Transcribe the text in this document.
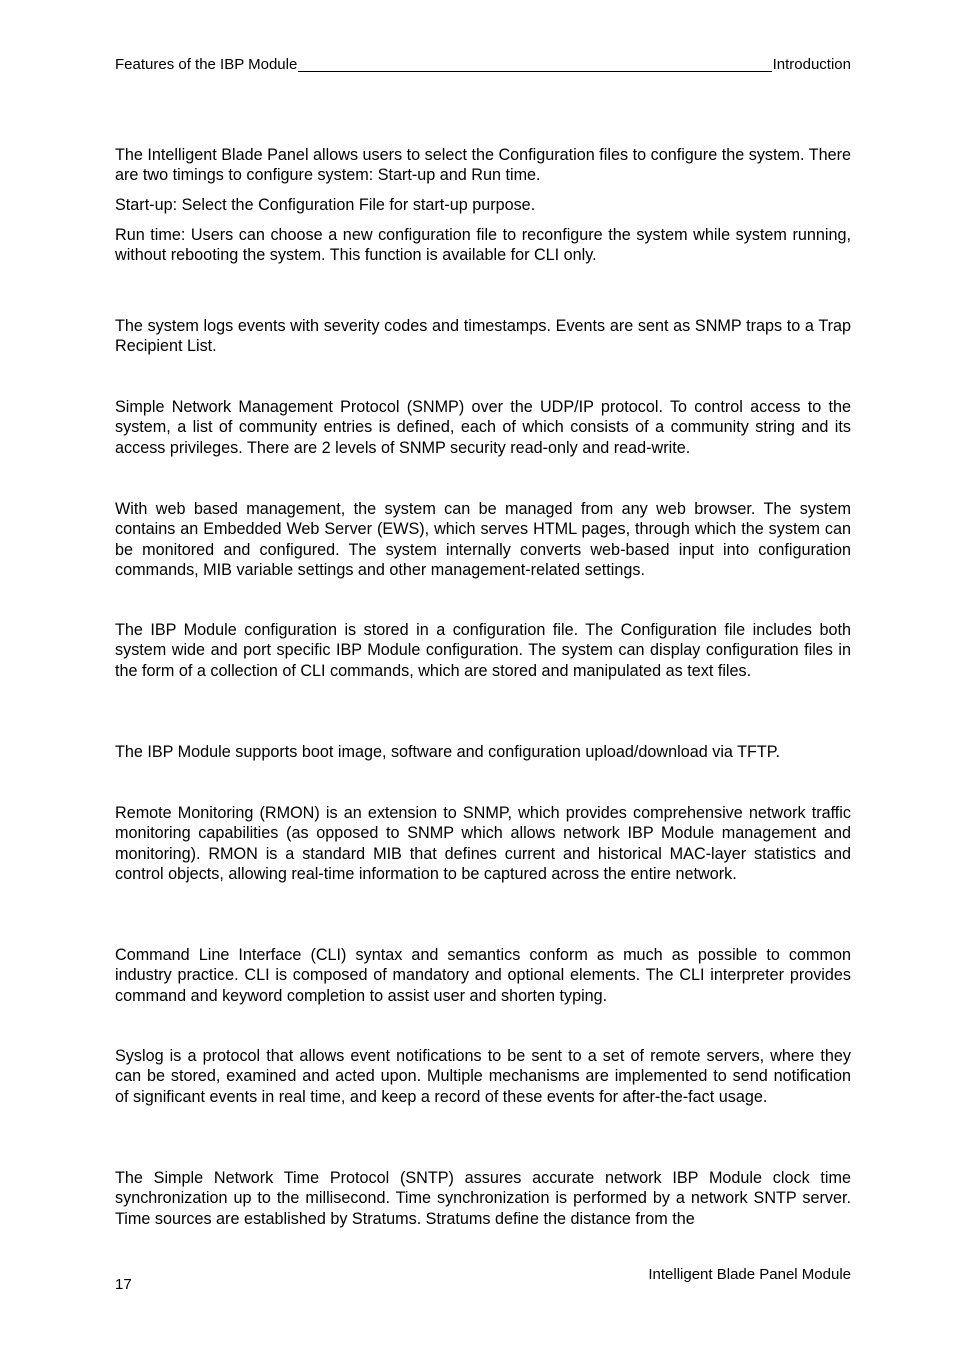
Features of the IBP Module	Introduction

The Intelligent Blade Panel allows users to select the Configuration files to configure the system. There are two timings to configure system: Start-up and Run time.

Start-up: Select the Configuration File for start-up purpose.

Run time: Users can choose a new configuration file to reconfigure the system while system running, without rebooting the system. This function is available for CLI only.

The system logs events with severity codes and timestamps. Events are sent as SNMP traps to a Trap Recipient List.

Simple Network Management Protocol (SNMP) over the UDP/IP protocol. To control access to the system, a list of community entries is defined, each of which consists of a community string and its access privileges. There are 2 levels of SNMP security read-only and read-write.

With web based management, the system can be managed from any web browser. The system contains an Embedded Web Server (EWS), which serves HTML pages, through which the system can be monitored and configured. The system internally converts web-based input into configuration commands, MIB variable settings and other management-related settings.

The IBP Module configuration is stored in a configuration file. The Configuration file includes both system wide and port specific IBP Module configuration. The system can display configuration files in the form of a collection of CLI commands, which are stored and manipulated as text files.

The IBP Module supports boot image, software and configuration upload/download via TFTP.

Remote Monitoring (RMON) is an extension to SNMP, which provides comprehensive network traffic monitoring capabilities (as opposed to SNMP which allows network IBP Module management and monitoring). RMON is a standard MIB that defines current and historical MAC-layer statistics and control objects, allowing real-time information to be captured across the entire network.

Command Line Interface (CLI) syntax and semantics conform as much as possible to common industry practice. CLI is composed of mandatory and optional elements. The CLI interpreter provides command and keyword completion to assist user and shorten typing.

Syslog is a protocol that allows event notifications to be sent to a set of remote servers, where they can be stored, examined and acted upon. Multiple mechanisms are implemented to send notification of significant events in real time, and keep a record of these events for after-the-fact usage.

The Simple Network Time Protocol (SNTP) assures accurate network IBP Module clock time synchronization up to the millisecond. Time synchronization is performed by a network SNTP server. Time sources are established by Stratums. Stratums define the distance from the

Intelligent Blade Panel Module
17
